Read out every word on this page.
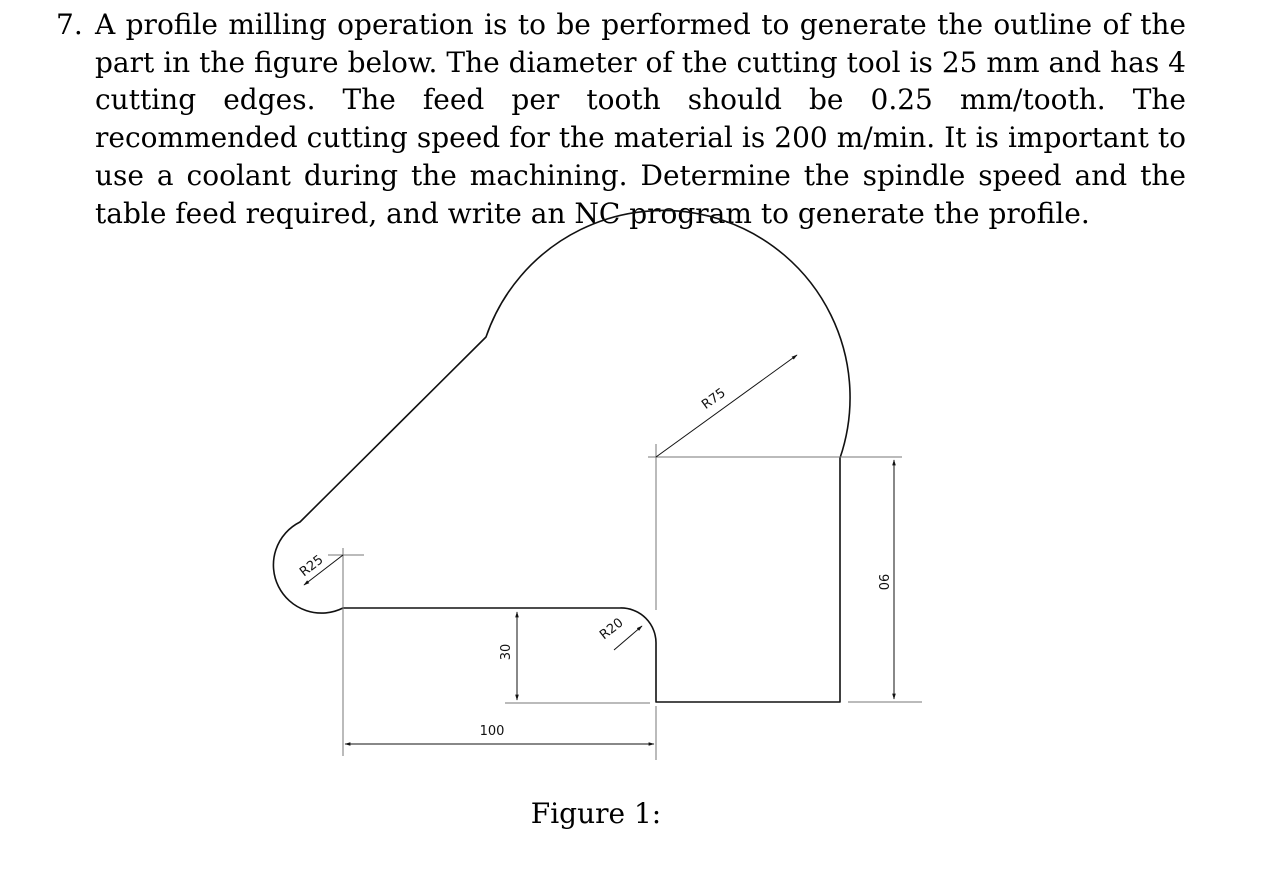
7. A profile milling operation is to be performed to generate the outline of the part in the figure below. The diameter of the cutting tool is 25 mm and has 4 cutting edges. The feed per tooth should be 0.25 mm/tooth. The recommended cutting speed for the material is 200 m/min. It is important to use a coolant during the machining. Determine the spindle speed and the table feed required, and write an NC program to generate the profile.
R75
R25
R20
30
100
90
Figure 1:
